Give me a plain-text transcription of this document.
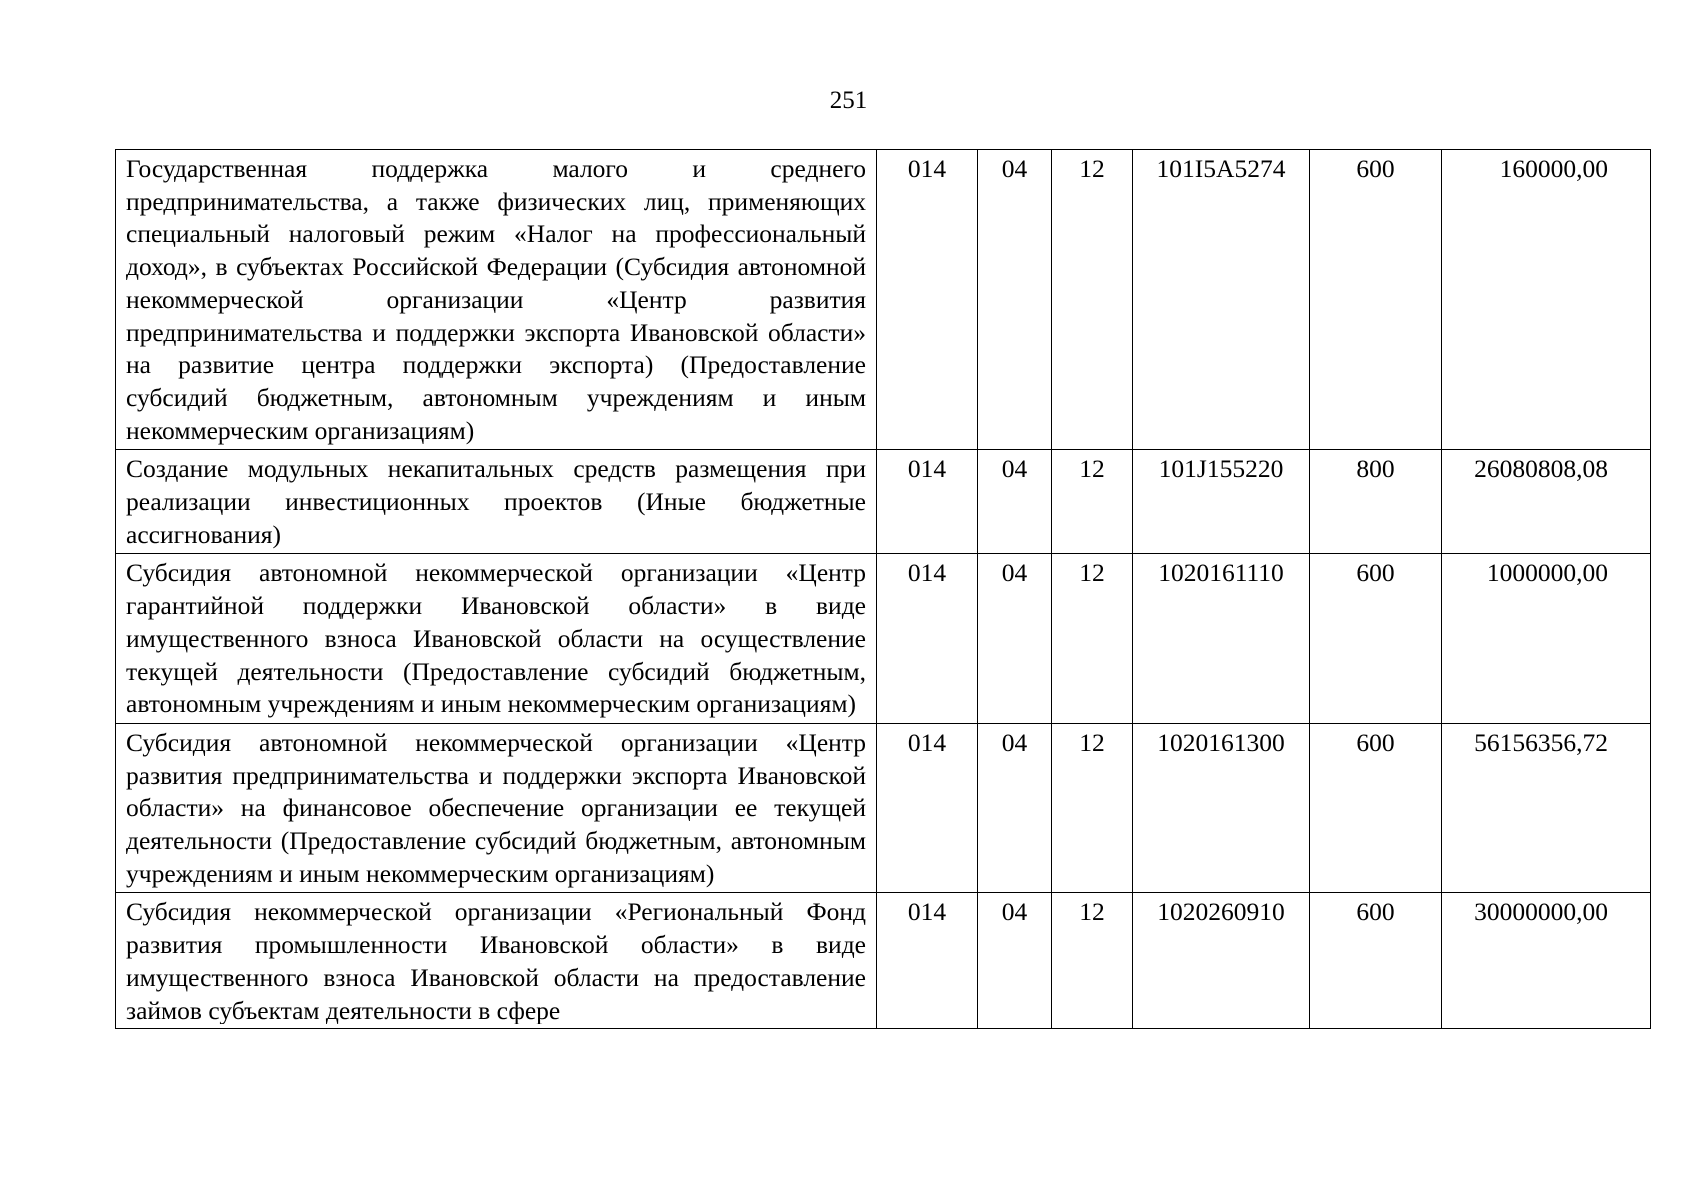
251
Государственная поддержка малого и среднего предпринимательства, а также физических лиц, применяющих специальный налоговый режим «Налог на профессиональный доход», в субъектах Российской Федерации (Субсидия автономной некоммерческой организации «Центр развития предпринимательства и поддержки экспорта Ивановской области» на развитие центра поддержки экспорта) (Предоставление субсидий бюджетным, автономным учреждениям и иным некоммерческим организациям)	014	04	12	101I5A5274	600	160000,00
Создание модульных некапитальных средств размещения при реализации инвестиционных проектов (Иные бюджетные ассигнования)	014	04	12	101J155220	800	26080808,08
Субсидия автономной некоммерческой организации «Центр гарантийной поддержки Ивановской области» в виде имущественного взноса Ивановской области на осуществление текущей деятельности (Предоставление субсидий бюджетным, автономным учреждениям и иным некоммерческим организациям)	014	04	12	1020161110	600	1000000,00
Субсидия автономной некоммерческой организации «Центр развития предпринимательства и поддержки экспорта Ивановской области» на финансовое обеспечение организации ее текущей деятельности (Предоставление субсидий бюджетным, автономным учреждениям и иным некоммерческим организациям)	014	04	12	1020161300	600	56156356,72

Субсидия некоммерческой организации «Региональный Фонд развития промышленности Ивановской области» в виде имущественного взноса Ивановской области на предоставление займов субъектам деятельности в сфере	014	04	12	1020260910	600	30000000,00
